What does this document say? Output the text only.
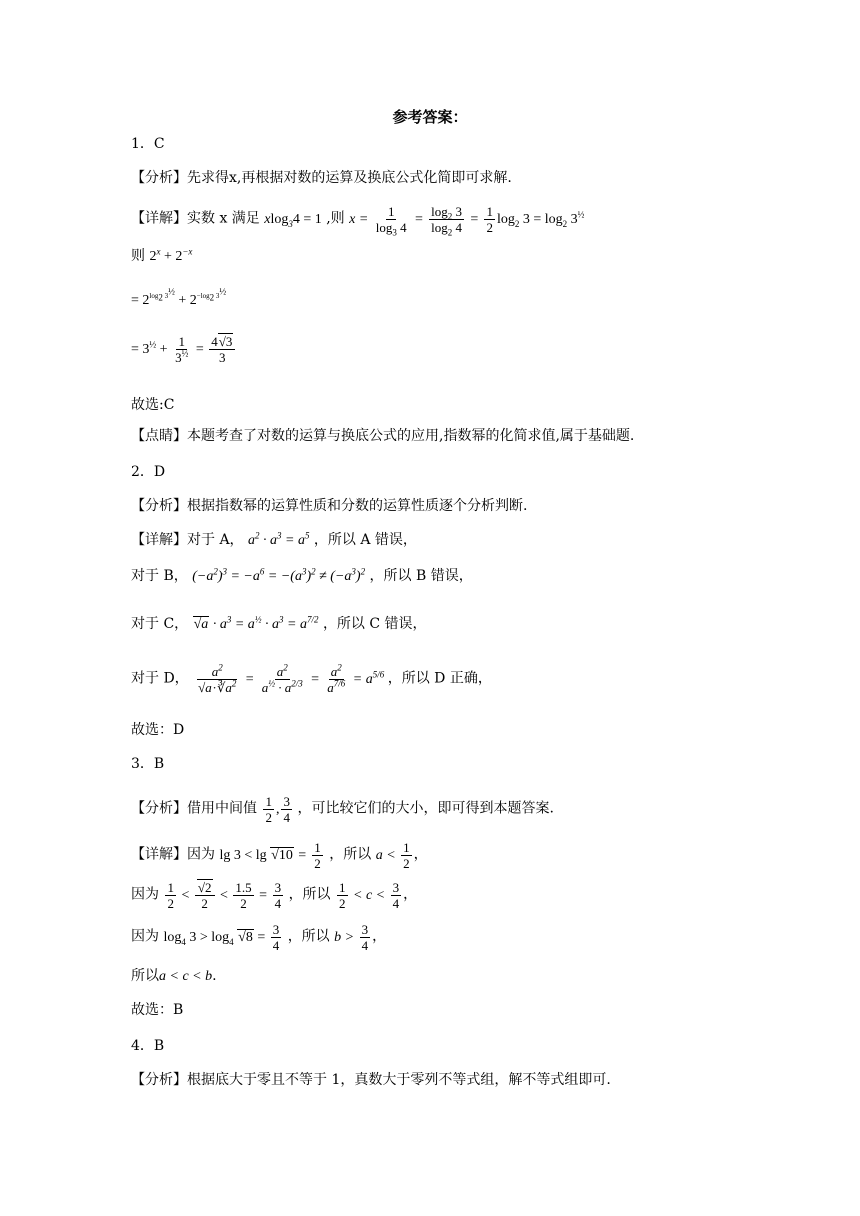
参考答案：
1．C
【分析】先求得x,再根据对数的运算及换底公式化简即可求解.
【详解】实数 x 满足 xlog$_3$4 = 1 ,则 $x = \frac{1}{\log_3 4} = \frac{\log_2 3}{\log_2 4} = \frac{1}{2} \log_2 3 = \log_2 3^{\frac{1}{2}}$
则 $2^x + 2^{-x}$
= $2^{log_2 3^{\frac{1}{2}}} + 2^{-log_2 3^{\frac{1}{2}}}$
= $3^{\frac{1}{2}} + \frac{1}{3^{\frac{1}{2}}} = \frac{4√3}{3}$
故选:C
【点睛】本题考查了对数的运算与换底公式的应用,指数幂的化简求值,属于基础题.
2．D
【分析】根据指数幂的运算性质和分数的运算性质逐个分析判断.
【详解】对于 A， $a^2 \cdot a^3 = a^5$ ，所以 A 错误，
对于 B， $(-a^2)^3 = -a^6 = -(a^3)^2 \ne (-a^3)^2$ ，所以 B 错误，
对于 C， $√a \cdot a^3 = a^{\frac{1}{2}} \cdot a^3 = a^{7/2}$ ，所以 C 错误，
对于 D， $\frac{a^2}{√a\cdot∛a^2} = \frac{a^2}{a^{\frac{1}{2}} \cdot a^{2/3}} = \frac{a^2}{a^{7/6}} = a^{5/6}$ ，所以 D 正确，
故选：D
3．B
【分析】借用中间值 $\frac{1}{2}$ , $\frac{3}{4}$ ，可比较它们的大小，即可得到本题答案.
【详解】因为 $\lg 3 < \lg √10 = \frac{1}{2}$ ，所以 $a < \frac{1}{2}$ ，
因为 $\frac{1}{2} < \frac{√2}{2} < \frac{1.5}{2} = \frac{3}{4}$ ，所以 $\frac{1}{2} < c < \frac{3}{4}$ ，
因为 $\log_4 3 > \log_4 √8 = \frac{3}{4}$ ，所以 $b > \frac{3}{4}$ ，
所以a < c < b.
故选：B
4．B
【分析】根据底大于零且不等于 1，真数大于零列不等式组，解不等式组即可.
